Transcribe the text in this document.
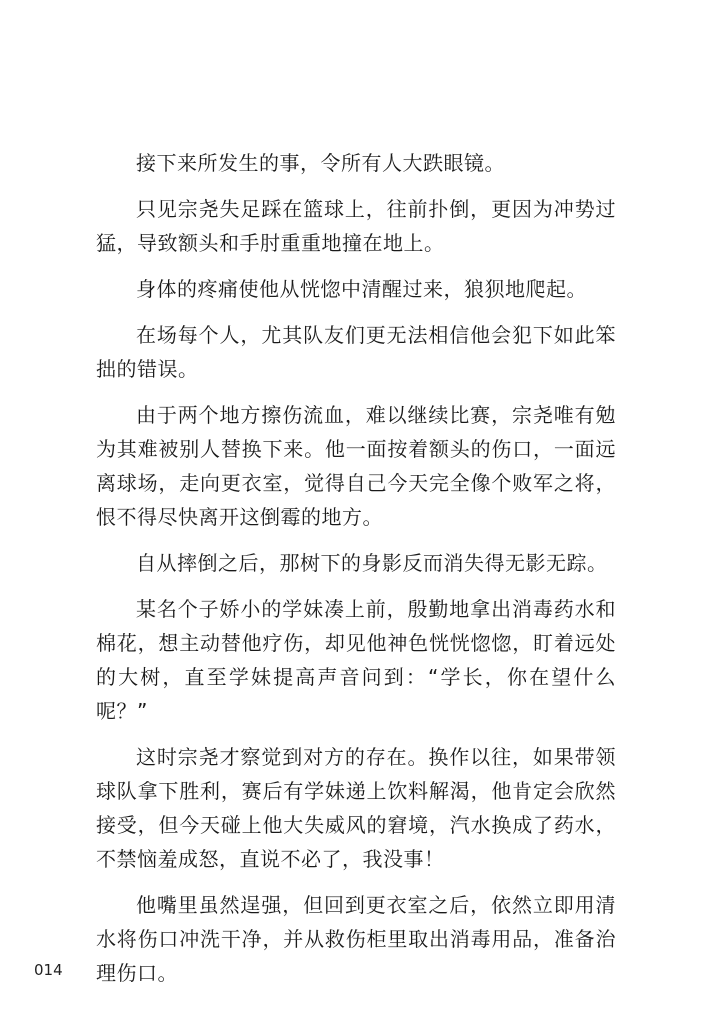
接下来所发生的事，令所有人大跌眼镜。

只见宗尧失足踩在篮球上，往前扑倒，更因为冲势过猛，导致额头和手肘重重地撞在地上。

身体的疼痛使他从恍惚中清醒过来，狼狈地爬起。

在场每个人，尤其队友们更无法相信他会犯下如此笨拙的错误。

由于两个地方擦伤流血，难以继续比赛，宗尧唯有勉为其难被别人替换下来。他一面按着额头的伤口，一面远离球场，走向更衣室，觉得自己今天完全像个败军之将，恨不得尽快离开这倒霉的地方。

自从摔倒之后，那树下的身影反而消失得无影无踪。

某名个子娇小的学妹凑上前，殷勤地拿出消毒药水和棉花，想主动替他疗伤，却见他神色恍恍惚惚，盯着远处的大树，直至学妹提高声音问到：“学长，你在望什么呢？”

这时宗尧才察觉到对方的存在。换作以往，如果带领球队拿下胜利，赛后有学妹递上饮料解渴，他肯定会欣然接受，但今天碰上他大失威风的窘境，汽水换成了药水，不禁恼羞成怒，直说不必了，我没事！

他嘴里虽然逞强，但回到更衣室之后，依然立即用清水将伤口冲洗干净，并从救伤柜里取出消毒用品，准备治理伤口。

014
